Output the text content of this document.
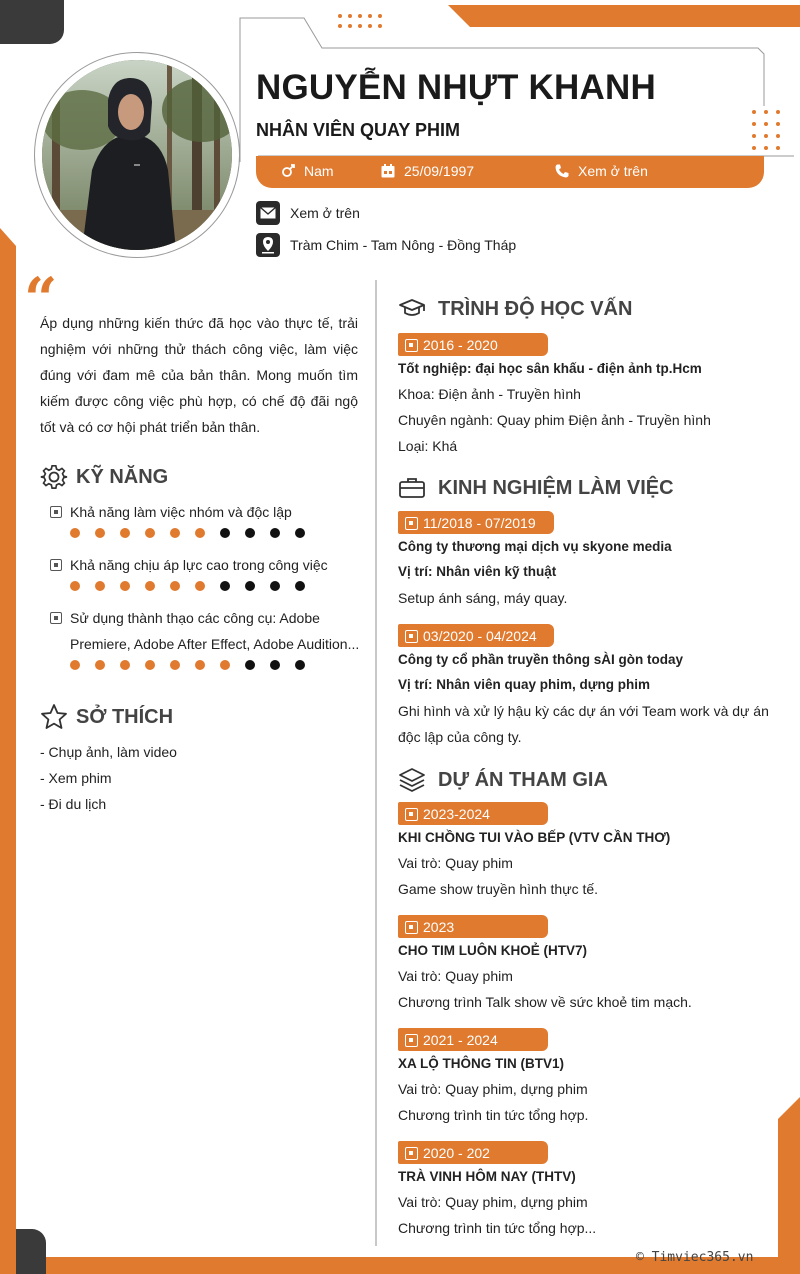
NGUYỄN NHỰT KHANH
NHÂN VIÊN QUAY PHIM
Nam	25/09/1997	Xem ở trên
Xem ở trên
Tràm Chim - Tam Nông - Đồng Tháp
“
Áp dụng những kiến thức đã học vào thực tế, trải nghiệm với những thử thách công việc, làm việc đúng với đam mê của bản thân. Mong muốn tìm kiếm được công việc phù hợp, có chế độ đãi ngộ tốt và có cơ hội phát triển bản thân.
KỸ NĂNG
Khả năng làm việc nhóm và độc lập
Khả năng chịu áp lực cao trong công việc
Sử dụng thành thạo các công cụ: Adobe Premiere, Adobe After Effect, Adobe Audition...
SỞ THÍCH
- Chụp ảnh, làm video
- Xem phim
- Đi du lịch
TRÌNH ĐỘ HỌC VẤN
2016 - 2020
Tốt nghiệp: đại học sân khấu - điện ảnh tp.Hcm
Khoa: Điện ảnh - Truyền hình
Chuyên ngành: Quay phim Điện ảnh - Truyền hình
Loại: Khá
KINH NGHIỆM LÀM VIỆC
11/2018 - 07/2019
Công ty thương mại dịch vụ skyone media
Vị trí: Nhân viên kỹ thuật
Setup ánh sáng, máy quay.
03/2020 - 04/2024
Công ty cổ phần truyền thông sÀI gòn today
Vị trí: Nhân viên quay phim, dựng phim
Ghi hình và xử lý hậu kỳ các dự án với Team work và dự án
độc lập của công ty.
DỰ ÁN THAM GIA
2023-2024
KHI CHỒNG TUI VÀO BẾP (VTV CẦN THƠ)
Vai trò: Quay phim
Game show truyền hình thực tế.
2023
CHO TIM LUÔN KHOẺ (HTV7)
Vai trò: Quay phim
Chương trình Talk show về sức khoẻ tim mạch.
2021 - 2024
XA LỘ THÔNG TIN (BTV1)
Vai trò: Quay phim, dựng phim
Chương trình tin tức tổng hợp.
2020 - 202
TRÀ VINH HÔM NAY (THTV)
Vai trò: Quay phim, dựng phim
Chương trình tin tức tổng hợp...
© Timviec365.vn
